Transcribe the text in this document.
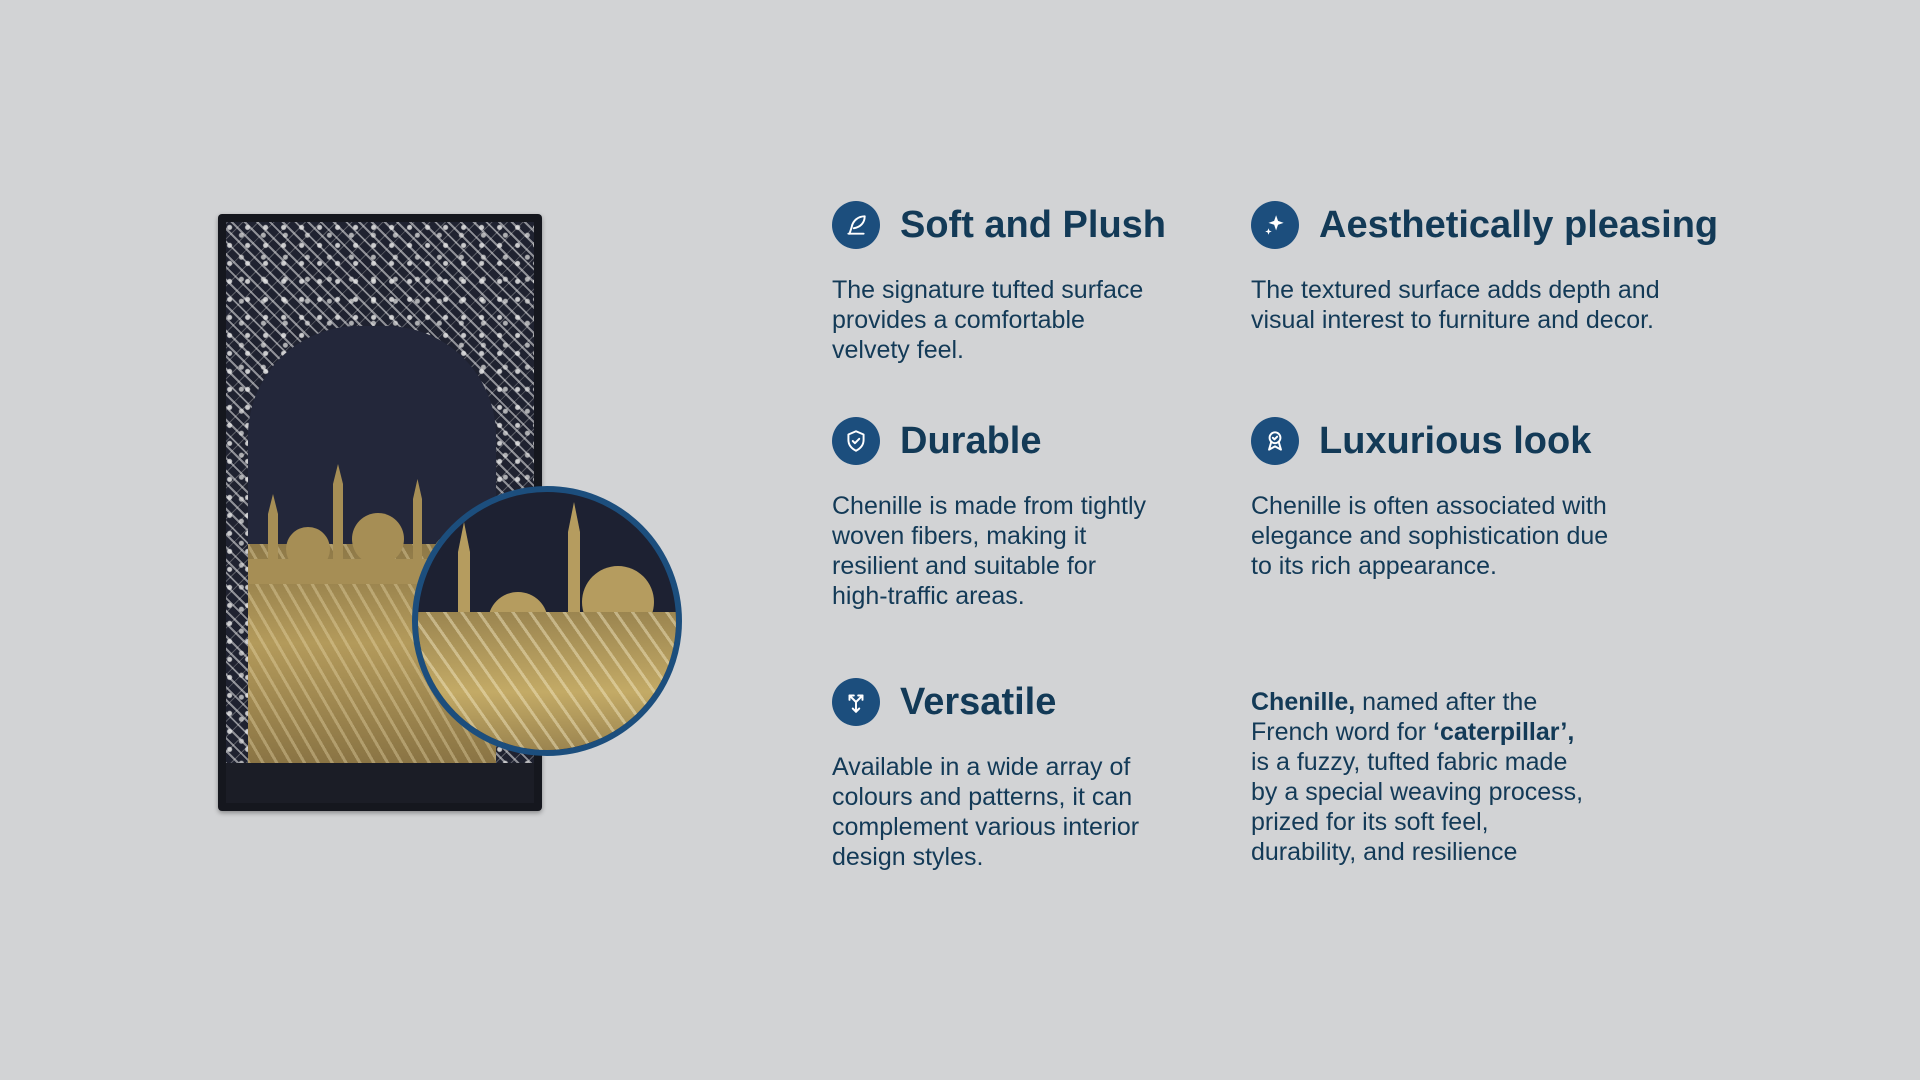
Soft and Plush
The signature tufted surface
provides a comfortable
velvety feel.
Aesthetically pleasing
The textured surface adds depth and
visual interest to furniture and decor.
Durable
Chenille is made from tightly
woven fibers, making it
resilient and suitable for
high-traffic areas.
Luxurious look
Chenille is often associated with
elegance and sophistication due
to its rich appearance.
Versatile
Available in a wide array of
colours and patterns, it can
complement various interior
design styles.
Chenille, named after the
French word for ‘caterpillar’,
is a fuzzy, tufted fabric made
by a special weaving process,
prized for its soft feel,
durability, and resilience
